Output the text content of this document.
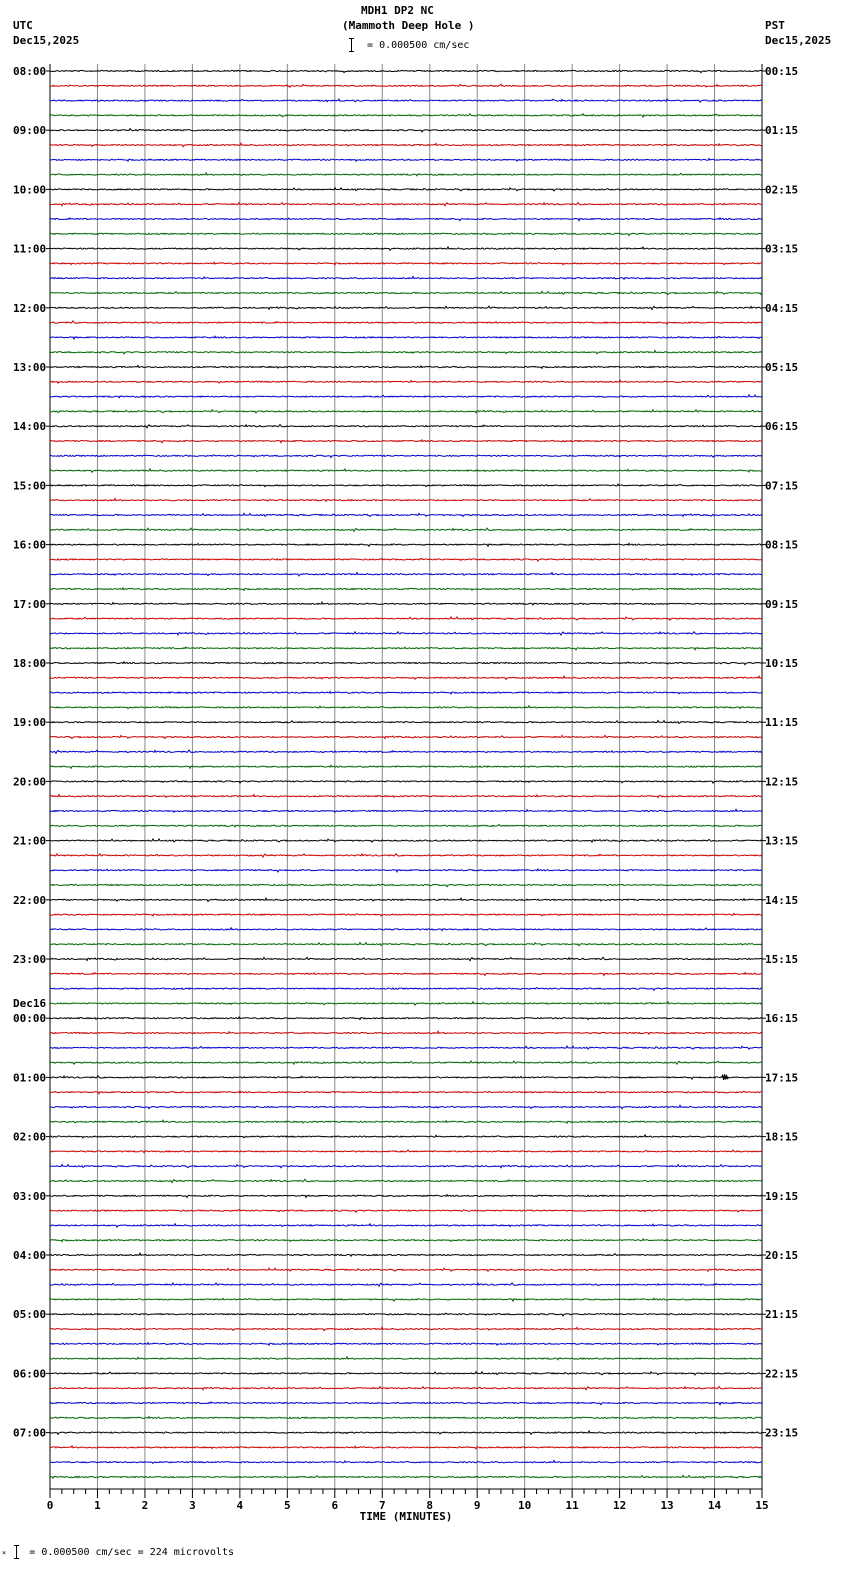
MDH1 DP2 NC
(Mammoth Deep Hole )
UTC
Dec15,2025
PST
Dec15,2025
= 0.000500 cm/sec
08:00	00:15
09:00	01:15
10:00	02:15
11:00	03:15
12:00	04:15
13:00	05:15
14:00	06:15
15:00	07:15
16:00	08:15
17:00	09:15
18:00	10:15
19:00	11:15
20:00	12:15
21:00	13:15
22:00	14:15
23:00	15:15
00:00	16:15
Dec16
01:00	17:15
02:00	18:15
03:00	19:15
04:00	20:15
05:00	21:15
06:00	22:15
07:00	23:15
0	1	2	3	4	5	6	7	8	9	10	11	12	13	14	15
TIME (MINUTES)
× = 0.000500 cm/sec = 224 microvolts
